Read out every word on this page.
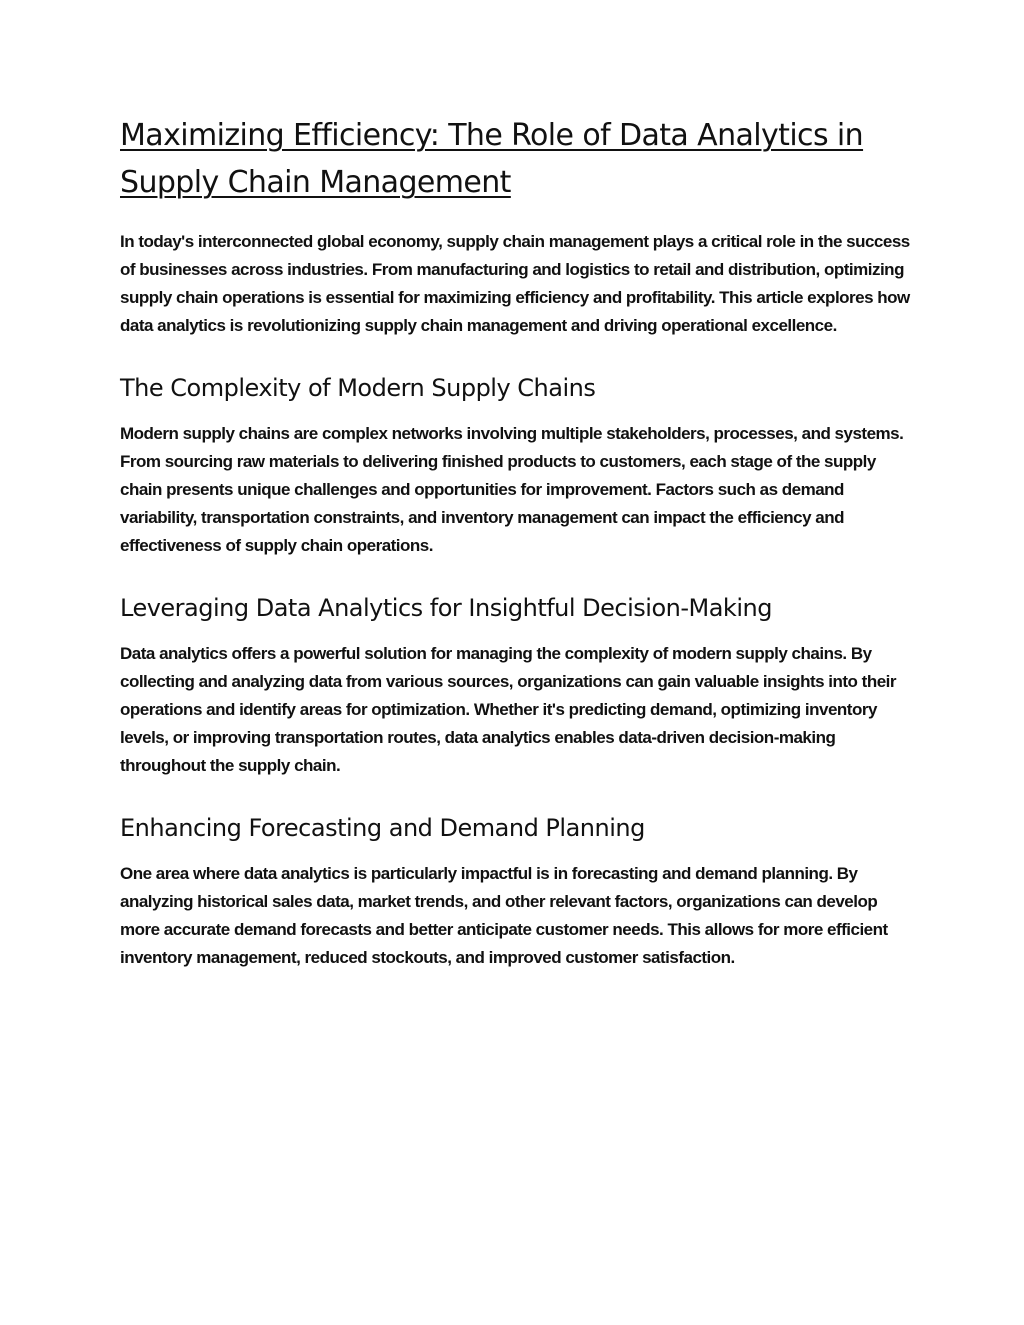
Maximizing Efficiency: The Role of Data Analytics in Supply Chain Management

In today's interconnected global economy, supply chain management plays a critical role in the success of businesses across industries. From manufacturing and logistics to retail and distribution, optimizing supply chain operations is essential for maximizing efficiency and profitability. This article explores how data analytics is revolutionizing supply chain management and driving operational excellence.

The Complexity of Modern Supply Chains

Modern supply chains are complex networks involving multiple stakeholders, processes, and systems. From sourcing raw materials to delivering finished products to customers, each stage of the supply chain presents unique challenges and opportunities for improvement. Factors such as demand variability, transportation constraints, and inventory management can impact the efficiency and effectiveness of supply chain operations.

Leveraging Data Analytics for Insightful Decision-Making

Data analytics offers a powerful solution for managing the complexity of modern supply chains. By collecting and analyzing data from various sources, organizations can gain valuable insights into their operations and identify areas for optimization. Whether it's predicting demand, optimizing inventory levels, or improving transportation routes, data analytics enables data-driven decision-making throughout the supply chain.

Enhancing Forecasting and Demand Planning

One area where data analytics is particularly impactful is in forecasting and demand planning. By analyzing historical sales data, market trends, and other relevant factors, organizations can develop more accurate demand forecasts and better anticipate customer needs. This allows for more efficient inventory management, reduced stockouts, and improved customer satisfaction.
